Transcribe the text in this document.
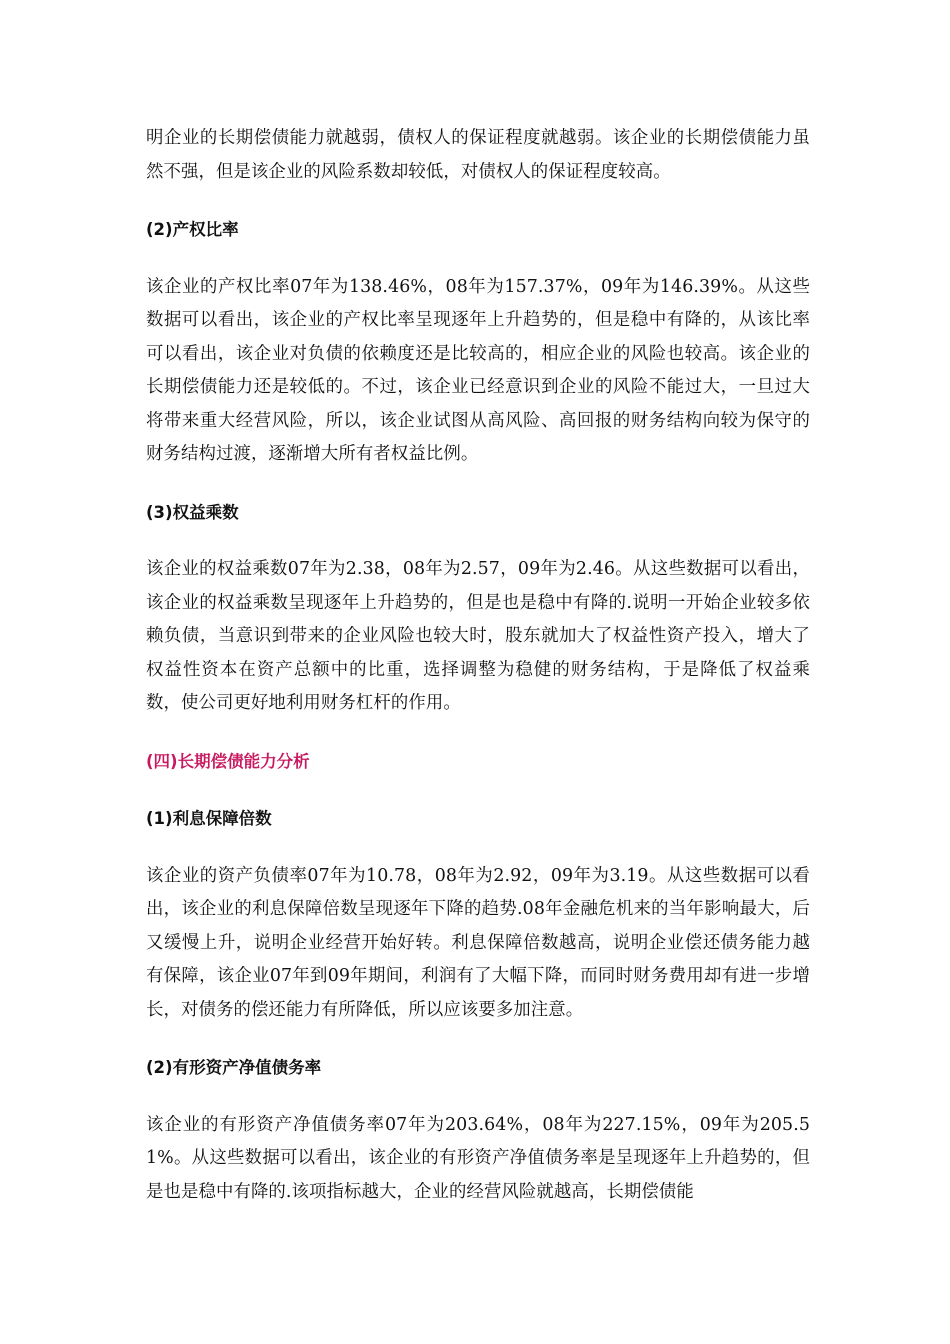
明企业的长期偿债能力就越弱，债权人的保证程度就越弱。该企业的长期偿债能力虽然不强，但是该企业的风险系数却较低，对债权人的保证程度较高。

(2)产权比率

该企业的产权比率07年为138.46%，08年为157.37%，09年为146.39%。从这些数据可以看出，该企业的产权比率呈现逐年上升趋势的，但是稳中有降的，从该比率可以看出，该企业对负债的依赖度还是比较高的，相应企业的风险也较高。该企业的长期偿债能力还是较低的。不过，该企业已经意识到企业的风险不能过大，一旦过大将带来重大经营风险，所以，该企业试图从高风险、高回报的财务结构向较为保守的财务结构过渡，逐渐增大所有者权益比例。

(3)权益乘数

该企业的权益乘数07年为2.38，08年为2.57，09年为2.46。从这些数据可以看出，该企业的权益乘数呈现逐年上升趋势的，但是也是稳中有降的.说明一开始企业较多依赖负债，当意识到带来的企业风险也较大时，股东就加大了权益性资产投入，增大了权益性资本在资产总额中的比重，选择调整为稳健的财务结构，于是降低了权益乘数，使公司更好地利用财务杠杆的作用。

(四)长期偿债能力分析

(1)利息保障倍数

该企业的资产负债率07年为10.78，08年为2.92，09年为3.19。从这些数据可以看出，该企业的利息保障倍数呈现逐年下降的趋势.08年金融危机来的当年影响最大，后又缓慢上升，说明企业经营开始好转。利息保障倍数越高，说明企业偿还债务能力越有保障，该企业07年到09年期间，利润有了大幅下降，而同时财务费用却有进一步增长，对债务的偿还能力有所降低，所以应该要多加注意。

(2)有形资产净值债务率

该企业的有形资产净值债务率07年为203.64%，08年为227.15%，09年为205.51%。从这些数据可以看出，该企业的有形资产净值债务率是呈现逐年上升趋势的，但是也是稳中有降的.该项指标越大，企业的经营风险就越高，长期偿债能
